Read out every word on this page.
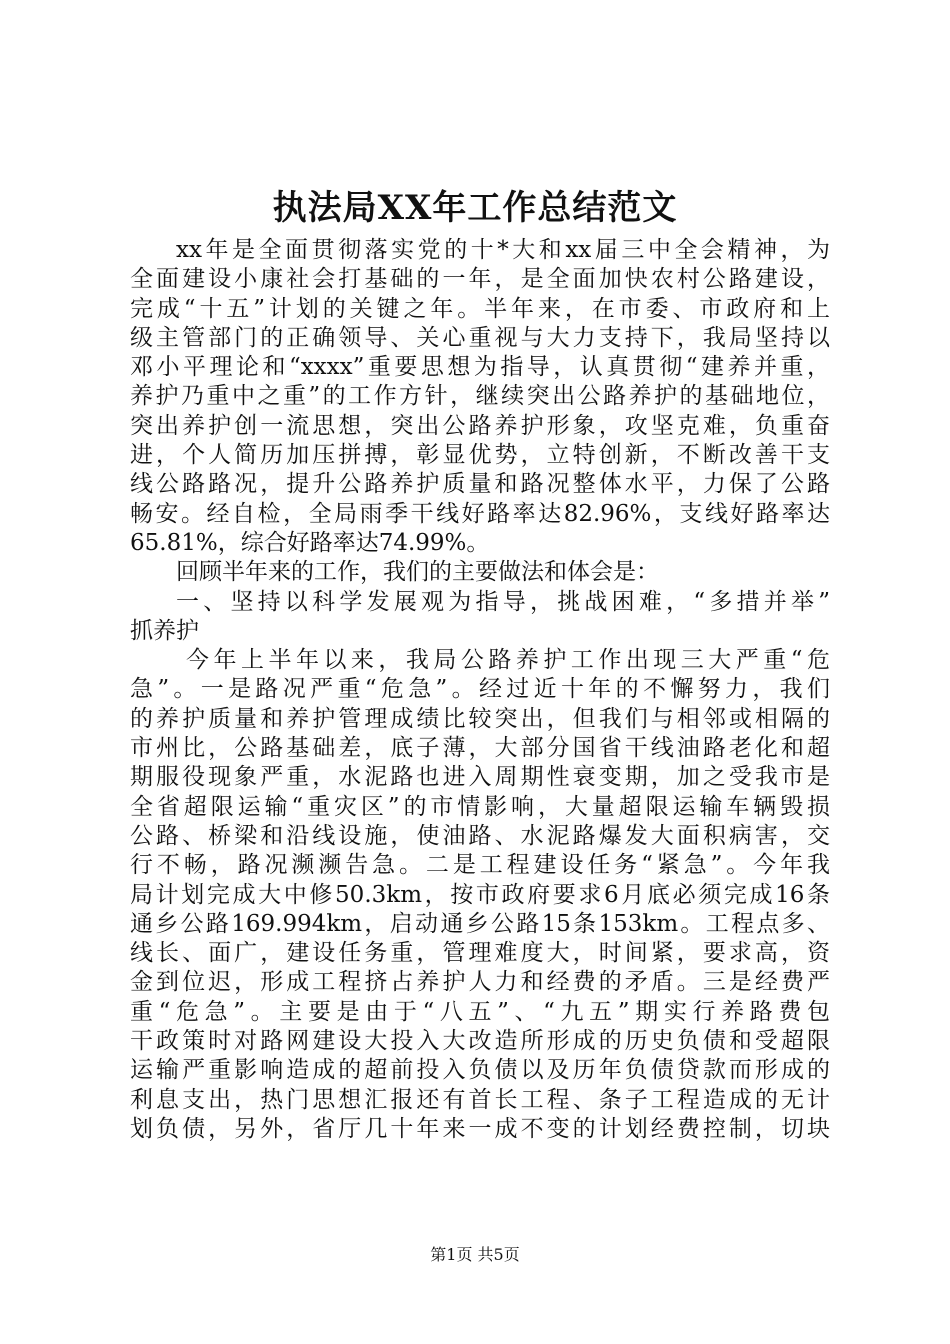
执法局XX年工作总结范文
xx年是全面贯彻落实党的十*大和xx届三中全会精神，为
全面建设小康社会打基础的一年，是全面加快农村公路建设，
完成“十五”计划的关键之年。半年来，在市委、市政府和上
级主管部门的正确领导、关心重视与大力支持下，我局坚持以
邓小平理论和“xxxx”重要思想为指导，认真贯彻“建养并重，
养护乃重中之重”的工作方针，继续突出公路养护的基础地位，
突出养护创一流思想，突出公路养护形象，攻坚克难，负重奋
进，个人简历加压拼搏，彰显优势，立特创新，不断改善干支
线公路路况，提升公路养护质量和路况整体水平，力保了公路
畅安。经自检，全局雨季干线好路率达82.96%，支线好路率达
65.81%，综合好路率达74.99%。
回顾半年来的工作，我们的主要做法和体会是：
一、坚持以科学发展观为指导，挑战困难，“多措并举”
抓养护
今年上半年以来，我局公路养护工作出现三大严重“危
急”。一是路况严重“危急”。经过近十年的不懈努力，我们
的养护质量和养护管理成绩比较突出，但我们与相邻或相隔的
市州比，公路基础差，底子薄，大部分国省干线油路老化和超
期服役现象严重，水泥路也进入周期性衰变期，加之受我市是
全省超限运输“重灾区”的市情影响，大量超限运输车辆毁损
公路、桥梁和沿线设施，使油路、水泥路爆发大面积病害，交
行不畅，路况濒濒告急。二是工程建设任务“紧急”。今年我
局计划完成大中修50.3km，按市政府要求6月底必须完成16条
通乡公路169.994km，启动通乡公路15条153km。工程点多、
线长、面广，建设任务重，管理难度大，时间紧，要求高，资
金到位迟，形成工程挤占养护人力和经费的矛盾。三是经费严
重“危急”。主要是由于“八五”、“九五”期实行养路费包
干政策时对路网建设大投入大改造所形成的历史负债和受超限
运输严重影响造成的超前投入负债以及历年负债贷款而形成的
利息支出，热门思想汇报还有首长工程、条子工程造成的无计
划负债，另外，省厅几十年来一成不变的计划经费控制，切块
第1页 共5页
